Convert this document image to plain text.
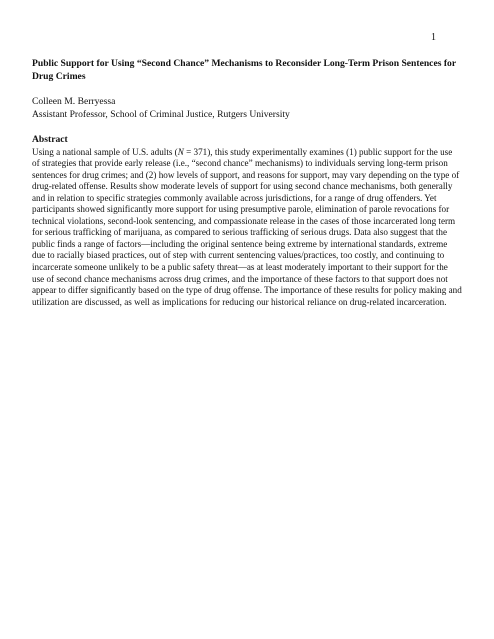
1

Public Support for Using “Second Chance” Mechanisms to Reconsider Long-Term Prison Sentences for Drug Crimes

Colleen M. Berryessa
Assistant Professor, School of Criminal Justice, Rutgers University
Abstract

Using a national sample of U.S. adults (N = 371), this study experimentally examines (1) public support for the use of strategies that provide early release (i.e., “second chance” mechanisms) to individuals serving long-term prison sentences for drug crimes; and (2) how levels of support, and reasons for support, may vary depending on the type of drug-related offense. Results show moderate levels of support for using second chance mechanisms, both generally and in relation to specific strategies commonly available across jurisdictions, for a range of drug offenders. Yet participants showed significantly more support for using presumptive parole, elimination of parole revocations for technical violations, second-look sentencing, and compassionate release in the cases of those incarcerated long term for serious trafficking of marijuana, as compared to serious trafficking of serious drugs. Data also suggest that the public finds a range of factors—including the original sentence being extreme by international standards, extreme due to racially biased practices, out of step with current sentencing values/practices, too costly, and continuing to incarcerate someone unlikely to be a public safety threat—as at least moderately important to their support for the use of second chance mechanisms across drug crimes, and the importance of these factors to that support does not appear to differ significantly based on the type of drug offense. The importance of these results for policy making and utilization are discussed, as well as implications for reducing our historical reliance on drug-related incarceration.
